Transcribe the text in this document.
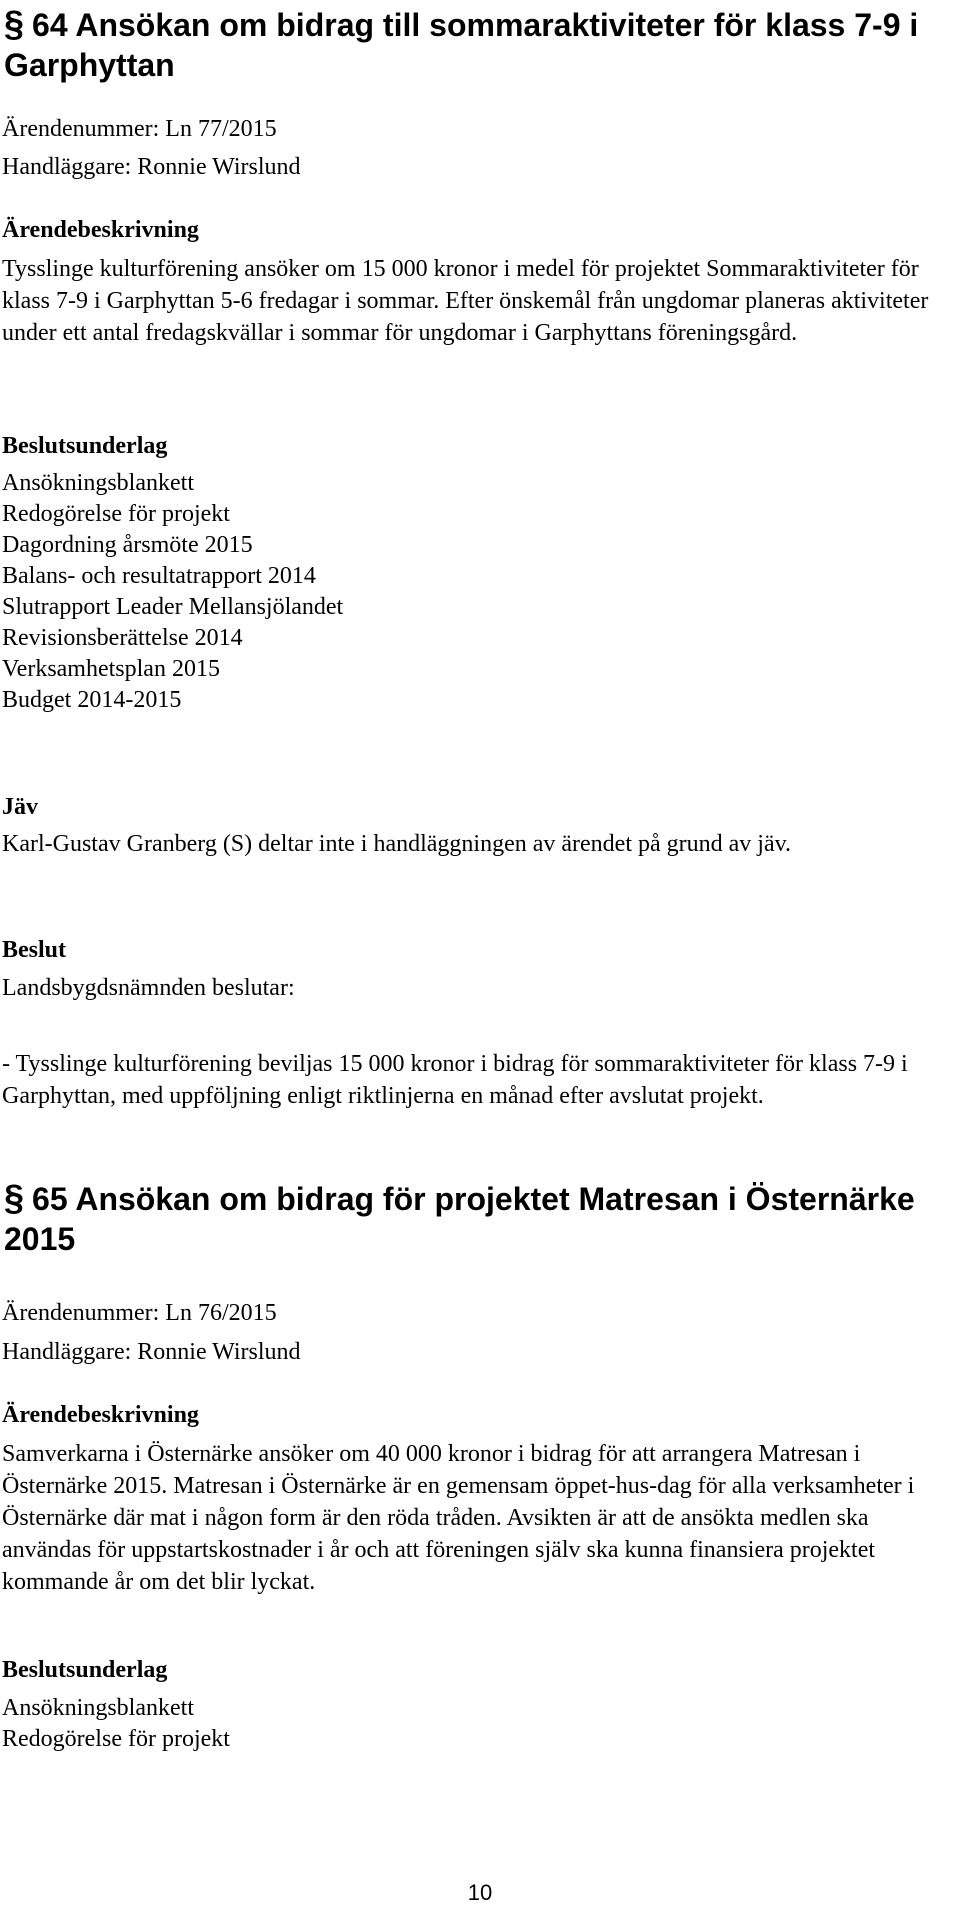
§ 64 Ansökan om bidrag till sommaraktiviteter för klass 7-9 i Garphyttan

Ärendenummer: Ln 77/2015

Handläggare: Ronnie Wirslund

Ärendebeskrivning

Tysslinge kulturförening ansöker om 15 000 kronor i medel för projektet Sommaraktiviteter för klass 7-9 i Garphyttan 5-6 fredagar i sommar. Efter önskemål från ungdomar planeras aktiviteter under ett antal fredagskvällar i sommar för ungdomar i Garphyttans föreningsgård.

Beslutsunderlag

Ansökningsblankett
Redogörelse för projekt
Dagordning årsmöte 2015
Balans- och resultatrapport 2014
Slutrapport Leader Mellansjölandet
Revisionsberättelse 2014
Verksamhetsplan 2015
Budget 2014-2015

Jäv

Karl-Gustav Granberg (S) deltar inte i handläggningen av ärendet på grund av jäv.

Beslut

Landsbygdsnämnden beslutar:

- Tysslinge kulturförening beviljas 15 000 kronor i bidrag för sommaraktiviteter för klass 7-9 i Garphyttan, med uppföljning enligt riktlinjerna en månad efter avslutat projekt.

§ 65 Ansökan om bidrag för projektet Matresan i Östernärke 2015

Ärendenummer: Ln 76/2015

Handläggare: Ronnie Wirslund

Ärendebeskrivning

Samverkarna i Östernärke ansöker om 40 000 kronor i bidrag för att arrangera Matresan i Östernärke 2015. Matresan i Östernärke är en gemensam öppet-hus-dag för alla verksamheter i Östernärke där mat i någon form är den röda tråden. Avsikten är att de ansökta medlen ska användas för uppstartskostnader i år och att föreningen själv ska kunna finansiera projektet kommande år om det blir lyckat.

Beslutsunderlag

Ansökningsblankett
Redogörelse för projekt
10
